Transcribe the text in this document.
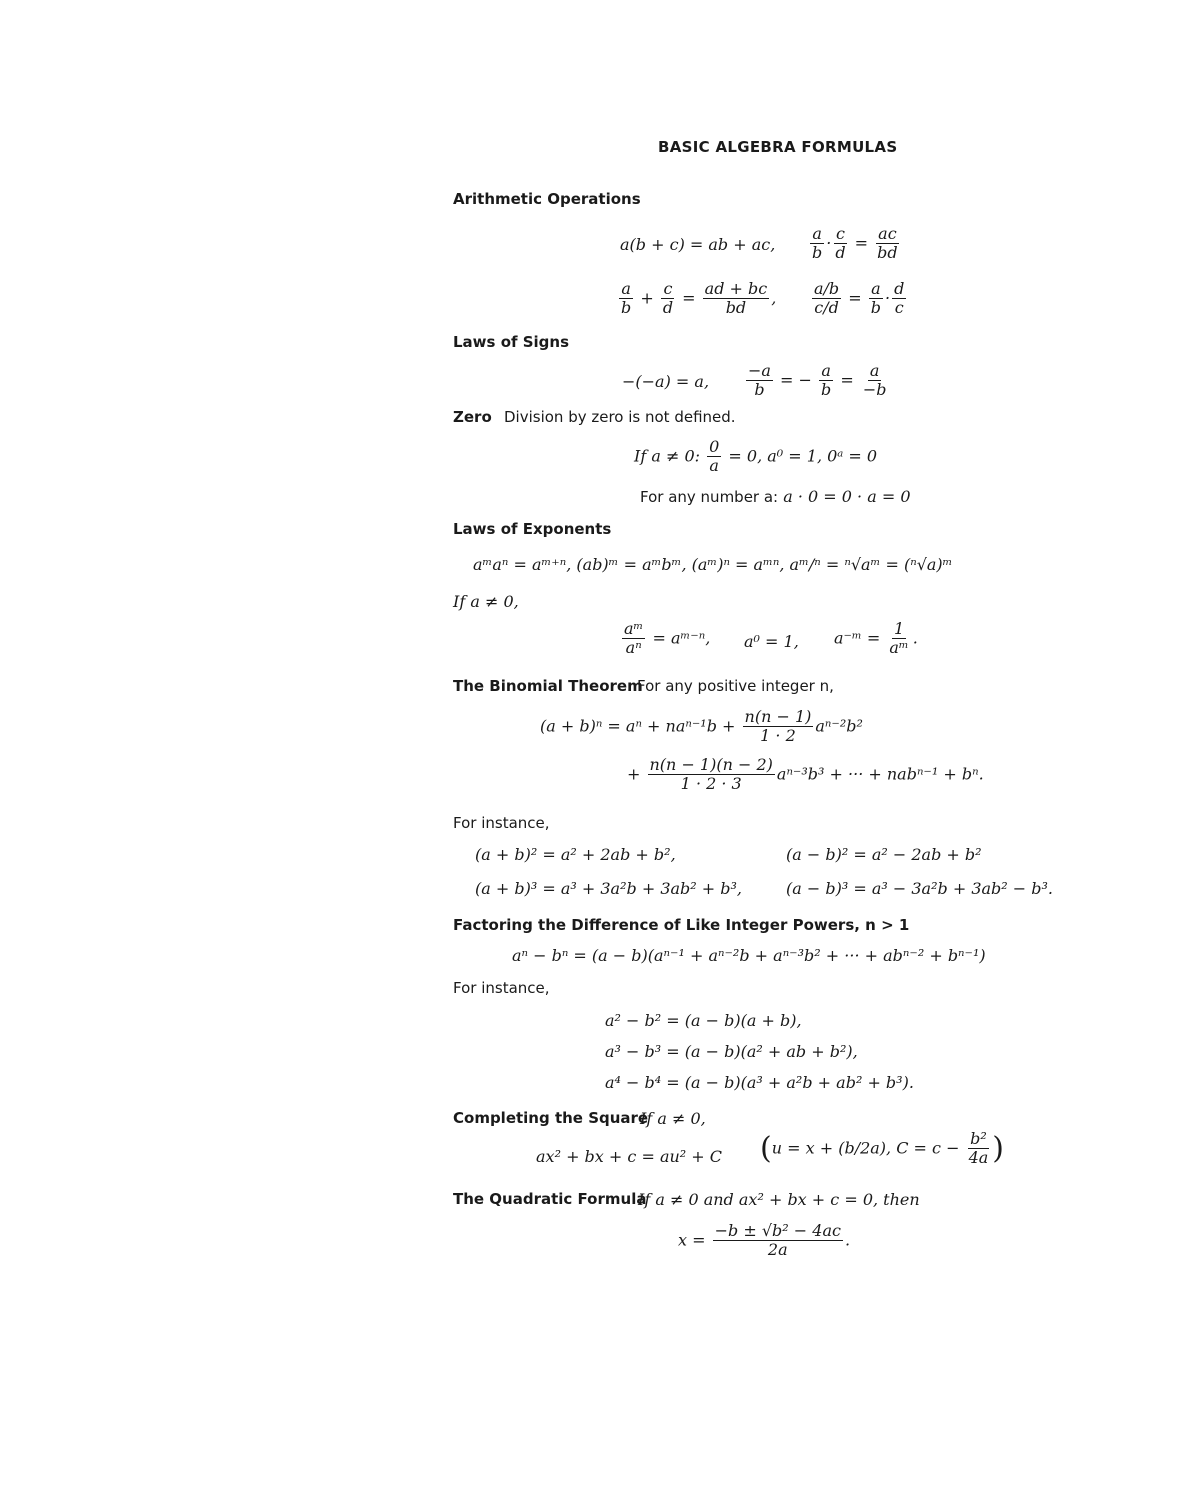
BASIC ALGEBRA FORMULAS
Arithmetic Operations
a(b + c) = ab + ac, $\frac{a}{b} \cdot \frac{c}{d} = \frac{ac}{bd}$
$\frac{a}{b} + \frac{c}{d} = \frac{ad + bc}{bd}$ , $\frac{a/b}{c/d} = \frac{a}{b} \cdot \frac{d}{c}$
Laws of Signs
−(−a) = a, $\frac{-a}{b}$ = − $\frac{a}{b} = \frac{a}{-b}$
Zero Division by zero is not defined.
If a ≠ 0: $\frac{0}{a} = 0$, a⁰ = 1, 0ᵃ = 0
For any number a: a · 0 = 0 · a = 0
Laws of Exponents
aᵐaⁿ = aᵐ⁺ⁿ, (ab)ᵐ = aᵐbᵐ, (aᵐ)ⁿ = aᵐⁿ, aᵐ/ⁿ = ⁿ√aᵐ = (ⁿ√a)ᵐ
If a ≠ 0,
$\frac{\text{aᵐ}}{\text{aⁿ}}$ = aᵐ⁻ⁿ, a⁰ = 1, a⁻ᵐ = $\frac{1}{\text{aᵐ}}$ .
The Binomial Theorem
For any positive integer n,
$(a + b)^n = a^n + na^{n-1}b + \frac{n(n - 1)}{1 \cdot 2} a^{n-2}b^2$
+ $\frac{n(n - 1)(n - 2)}{1 \cdot 2 \cdot 3} a^{n-3}b^3$ + ··· + nabⁿ⁻¹ + bⁿ.
For instance,
(a + b)² = a² + 2ab + b²,	(a − b)² = a² − 2ab + b²
(a + b)³ = a³ + 3a²b + 3ab² + b³,	(a − b)³ = a³ − 3a²b + 3ab² − b³.
Factoring the Difference of Like Integer Powers, n > 1
aⁿ − bⁿ = (a − b)(aⁿ⁻¹ + aⁿ⁻²b + aⁿ⁻³b² + ··· + abⁿ⁻² + bⁿ⁻¹)
For instance,
a² − b² = (a − b)(a + b),
a³ − b³ = (a − b)(a² + ab + b²),
a⁴ − b⁴ = (a − b)(a³ + a²b + ab² + b³).
Completing the Square
If a ≠ 0,
ax² + bx + c = au² + C (u = x + (b/2a), $C = c - \frac{\text{b²}}{4a}$ )
The Quadratic Formula
If a ≠ 0 and ax² + bx + c = 0, then
$x = \frac{\text{−b ± √b² − 4ac}}{2a}$ .
